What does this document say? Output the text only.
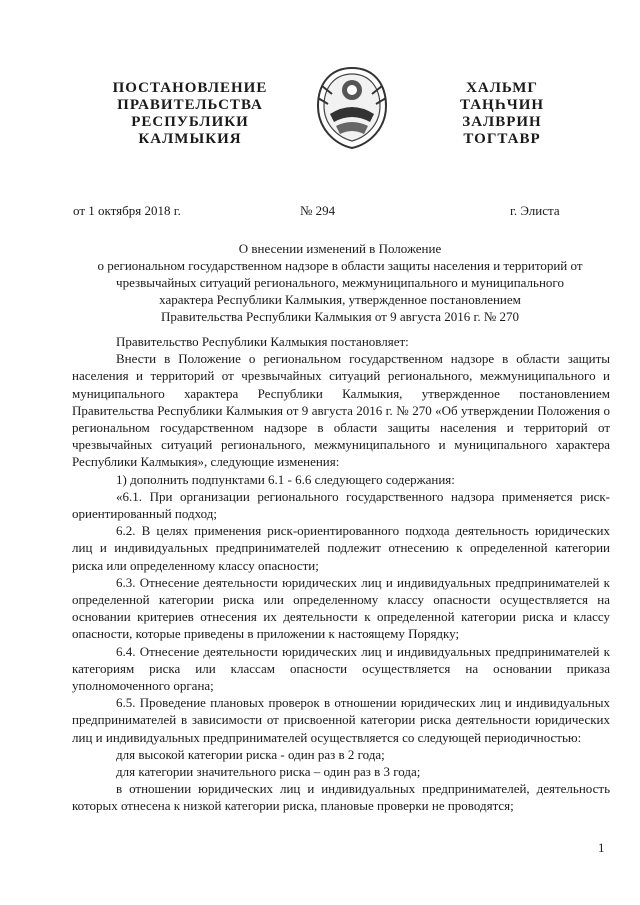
ПОСТАНОВЛЕНИЕ
ПРАВИТЕЛЬСТВА
РЕСПУБЛИКИ
КАЛМЫКИЯ
ХАЛЬМГ
ТАҢҺЧИН
ЗАЛВРИН
ТОГТАВР
от 1 октября 2018 г.	№ 294	г. Элиста
О внесении изменений в Положение
о региональном государственном надзоре в области защиты населения и территорий от
чрезвычайных ситуаций регионального, межмуниципального и муниципального
характера Республики Калмыкия, утвержденное постановлением
Правительства Республики Калмыкия от 9 августа 2016 г. № 270

Правительство Республики Калмыкия постановляет:

Внести в Положение о региональном государственном надзоре в области защиты населения и территорий от чрезвычайных ситуаций регионального, межмуниципального и муниципального характера Республики Калмыкия, утвержденное постановлением Правительства Республики Калмыкия от 9 августа 2016 г. № 270 «Об утверждении Положения о региональном государственном надзоре в области защиты населения и территорий от чрезвычайных ситуаций регионального, межмуниципального и муниципального характера Республики Калмыкия», следующие изменения:

1) дополнить подпунктами 6.1 - 6.6 следующего содержания:

«6.1. При организации регионального государственного надзора применяется риск-ориентированный подход;

6.2. В целях применения риск-ориентированного подхода деятельность юридических лиц и индивидуальных предпринимателей подлежит отнесению к определенной категории риска или определенному классу опасности;

6.3. Отнесение деятельности юридических лиц и индивидуальных предпринимателей к определенной категории риска или определенному классу опасности осуществляется на основании критериев отнесения их деятельности к определенной категории риска и классу опасности, которые приведены в приложении к настоящему Порядку;

6.4. Отнесение деятельности юридических лиц и индивидуальных предпринимателей к категориям риска или классам опасности осуществляется на основании приказа уполномоченного органа;

6.5. Проведение плановых проверок в отношении юридических лиц и индивидуальных предпринимателей в зависимости от присвоенной категории риска деятельности юридических лиц и индивидуальных предпринимателей осуществляется со следующей периодичностью:

для высокой категории риска - один раз в 2 года;

для категории значительного риска – один раз в 3 года;

в отношении юридических лиц и индивидуальных предпринимателей, деятельность которых отнесена к низкой категории риска, плановые проверки не проводятся;

1
